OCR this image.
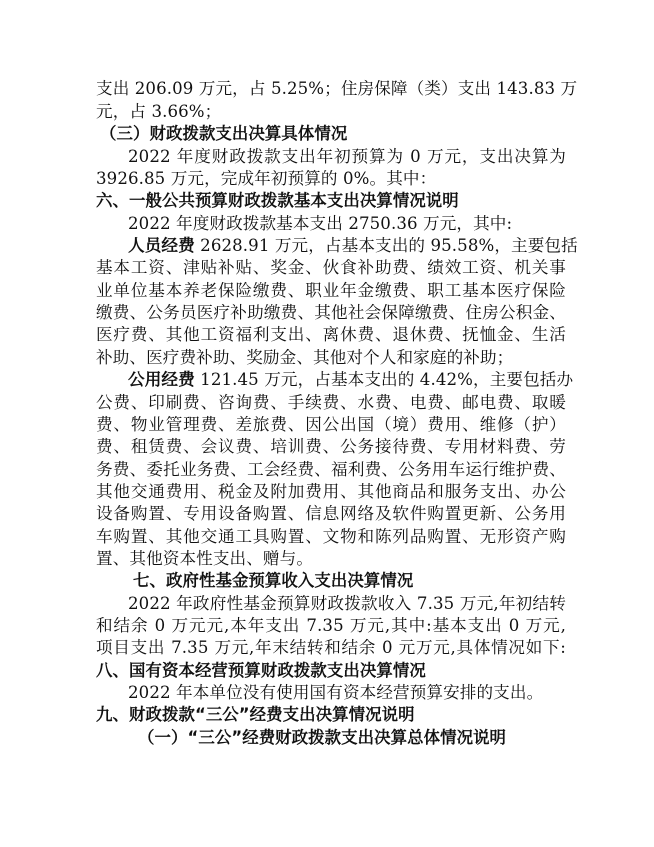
支出 206.09 万元，占 5.25%；住房保障（类）支出 143.83 万
元，占 3.66%；
（三）财政拨款支出决算具体情况
2022 年度财政拨款支出年初预算为 0 万元，支出决算为
3926.85 万元，完成年初预算的 0%。其中：
六、一般公共预算财政拨款基本支出决算情况说明
2022 年度财政拨款基本支出 2750.36 万元，其中:
人员经费 2628.91 万元，占基本支出的 95.58%，主要包括
基本工资、津贴补贴、奖金、伙食补助费、绩效工资、机关事
业单位基本养老保险缴费、职业年金缴费、职工基本医疗保险
缴费、公务员医疗补助缴费、其他社会保障缴费、住房公积金、
医疗费、其他工资福利支出、离休费、退休费、抚恤金、生活
补助、医疗费补助、奖励金、其他对个人和家庭的补助；
公用经费 121.45 万元，占基本支出的 4.42%，主要包括办
公费、印刷费、咨询费、手续费、水费、电费、邮电费、取暖
费、物业管理费、差旅费、因公出国（境）费用、维修（护）
费、租赁费、会议费、培训费、公务接待费、专用材料费、劳
务费、委托业务费、工会经费、福利费、公务用车运行维护费、
其他交通费用、税金及附加费用、其他商品和服务支出、办公
设备购置、专用设备购置、信息网络及软件购置更新、公务用
车购置、其他交通工具购置、文物和陈列品购置、无形资产购
置、其他资本性支出、赠与。
七、政府性基金预算收入支出决算情况
2022 年政府性基金预算财政拨款收入 7.35 万元,年初结转
和结余 0 万元元,本年支出 7.35 万元,其中:基本支出 0 万元,
项目支出 7.35 万元,年末结转和结余 0 元万元,具体情况如下:
八、国有资本经营预算财政拨款支出决算情况
2022 年本单位没有使用国有资本经营预算安排的支出。
九、财政拨款“三公”经费支出决算情况说明
（一）“三公”经费财政拨款支出决算总体情况说明
